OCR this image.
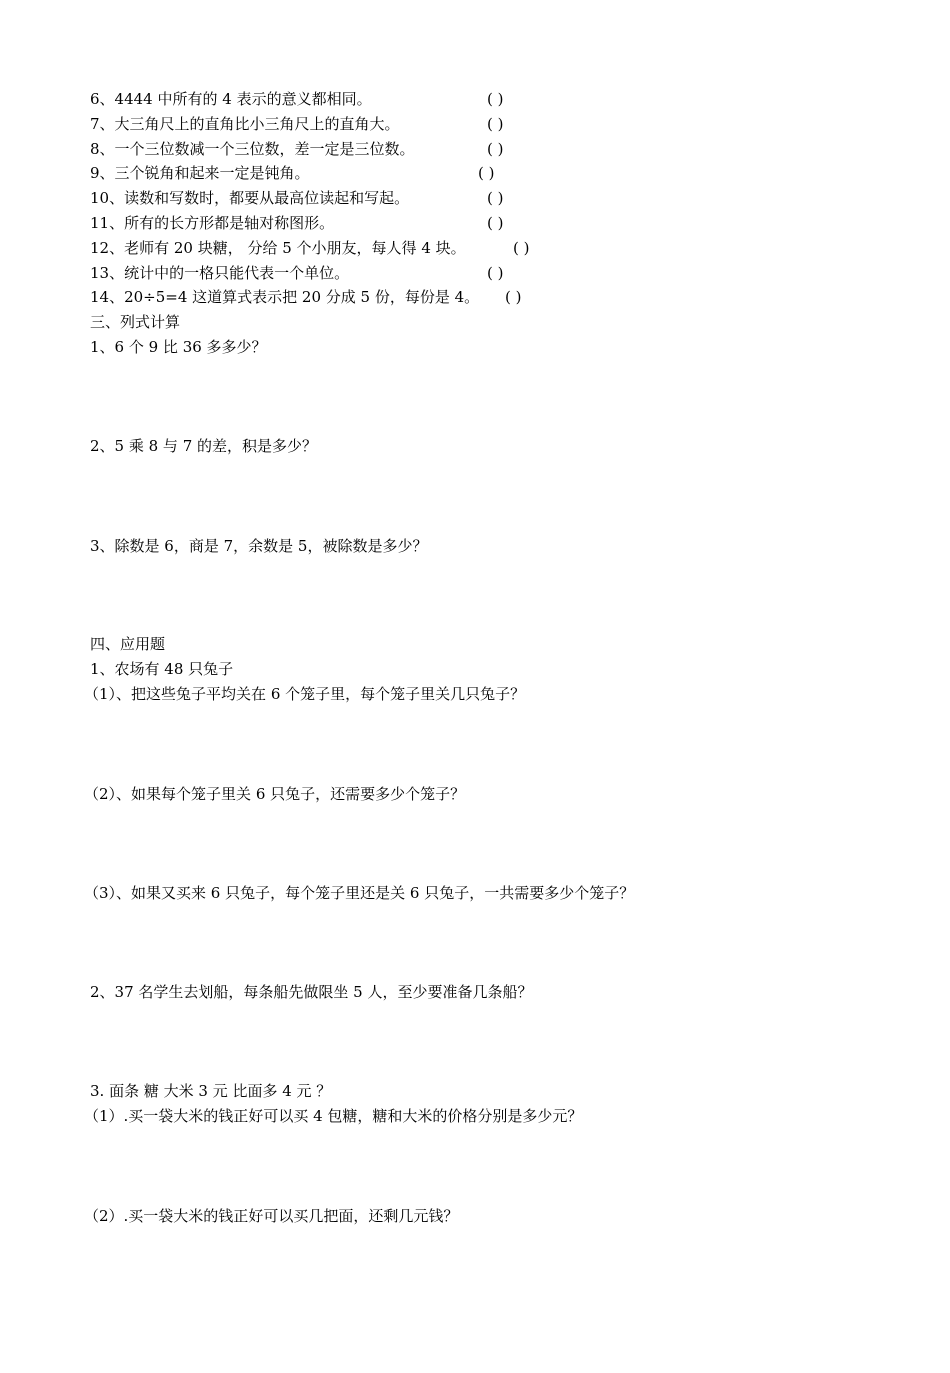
6、4444 中所有的 4 表示的意义都相同。	( )
7、大三角尺上的直角比小三角尺上的直角大。	( )
8、一个三位数减一个三位数，差一定是三位数。	( )
9、三个锐角和起来一定是钝角。	( )
10、读数和写数时，都要从最高位读起和写起。	( )
11、所有的长方形都是轴对称图形。	( )
12、老师有 20 块糖， 分给 5 个小朋友，每人得 4 块。	( )
13、统计中的一格只能代表一个单位。	( )
14、20÷5=4 这道算式表示把 20 分成 5 份，每份是 4。 ( )
三、列式计算
1、6 个 9 比 36 多多少？
2、5 乘 8 与 7 的差，积是多少？
3、除数是 6，商是 7，余数是 5，被除数是多少？
四、应用题
1、农场有 48 只兔子
（1）、把这些兔子平均关在 6 个笼子里，每个笼子里关几只兔子？
（2）、如果每个笼子里关 6 只兔子，还需要多少个笼子？
（3）、如果又买来 6 只兔子，每个笼子里还是关 6 只兔子，一共需要多少个笼子？
2、37 名学生去划船，每条船先做限坐 5 人，至少要准备几条船？
3. 面条 糖 大米 3 元 比面多 4 元 ？
（1）.买一袋大米的钱正好可以买 4 包糖，糖和大米的价格分别是多少元？
（2）.买一袋大米的钱正好可以买几把面，还剩几元钱？
